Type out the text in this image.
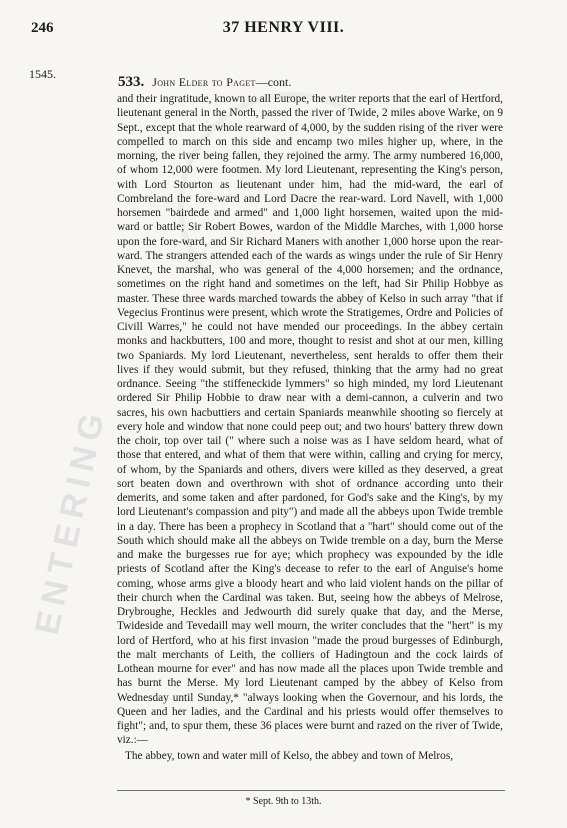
ENTERING
246	37 HENRY VIII.
1545.	533. John Elder to Paget—cont.

and their ingratitude, known to all Europe, the writer reports that the earl of Hertford, lieutenant general in the North, passed the river of Twide, 2 miles above Warke, on 9 Sept., except that the whole rearward of 4,000, by the sudden rising of the river were compelled to march on this side and encamp two miles higher up, where, in the morning, the river being fallen, they rejoined the army. The army numbered 16,000, of whom 12,000 were footmen. My lord Lieutenant, representing the King's person, with Lord Stourton as lieutenant under him, had the mid-ward, the earl of Combreland the fore-ward and Lord Dacre the rear-ward. Lord Navell, with 1,000 horsemen "bairdede and armed" and 1,000 light horsemen, waited upon the mid-ward or battle; Sir Robert Bowes, wardon of the Middle Marches, with 1,000 horse upon the fore-ward, and Sir Richard Maners with another 1,000 horse upon the rear-ward. The strangers attended each of the wards as wings under the rule of Sir Henry Knevet, the marshal, who was general of the 4,000 horsemen; and the ordnance, sometimes on the right hand and sometimes on the left, had Sir Philip Hobbye as master. These three wards marched towards the abbey of Kelso in such array "that if Vegecius Frontinus were present, which wrote the Stratigemes, Ordre and Policies of Civill Warres," he could not have mended our proceedings. In the abbey certain monks and hackbutters, 100 and more, thought to resist and shot at our men, killing two Spaniards. My lord Lieutenant, nevertheless, sent heralds to offer them their lives if they would submit, but they refused, thinking that the army had no great ordnance. Seeing "the stiffeneckide lymmers" so high minded, my lord Lieutenant ordered Sir Philip Hobbie to draw near with a demi-cannon, a culverin and two sacres, his own hacbuttiers and certain Spaniards meanwhile shooting so fiercely at every hole and window that none could peep out; and two hours' battery threw down the choir, top over tail (" where such a noise was as I have seldom heard, what of those that entered, and what of them that were within, calling and crying for mercy, of whom, by the Spaniards and others, divers were killed as they deserved, a great sort beaten down and overthrown with shot of ordnance according unto their demerits, and some taken and after pardoned, for God's sake and the King's, by my lord Lieutenant's compassion and pity") and made all the abbeys upon Twide tremble in a day. There has been a prophecy in Scotland that a "hart" should come out of the South which should make all the abbeys on Twide tremble on a day, burn the Merse and make the burgesses rue for aye; which prophecy was expounded by the idle priests of Scotland after the King's decease to refer to the earl of Anguise's home coming, whose arms give a bloody heart and who laid violent hands on the pillar of their church when the Cardinal was taken. But, seeing how the abbeys of Melrose, Drybroughe, Heckles and Jedwourth did surely quake that day, and the Merse, Twideside and Tevedaill may well mourn, the writer concludes that the "hert" is my lord of Hertford, who at his first invasion "made the proud burgesses of Edinburgh, the malt merchants of Leith, the colliers of Hadingtoun and the cock lairds of Lothean mourne for ever" and has now made all the places upon Twide tremble and has burnt the Merse. My lord Lieutenant camped by the abbey of Kelso from Wednesday until Sunday,* "always looking when the Governour, and his lords, the Queen and her ladies, and the Cardinal and his priests would offer themselves to fight"; and, to spur them, these 36 places were burnt and razed on the river of Twide, viz.:—

The abbey, town and water mill of Kelso, the abbey and town of Melros,

* Sept. 9th to 13th.
